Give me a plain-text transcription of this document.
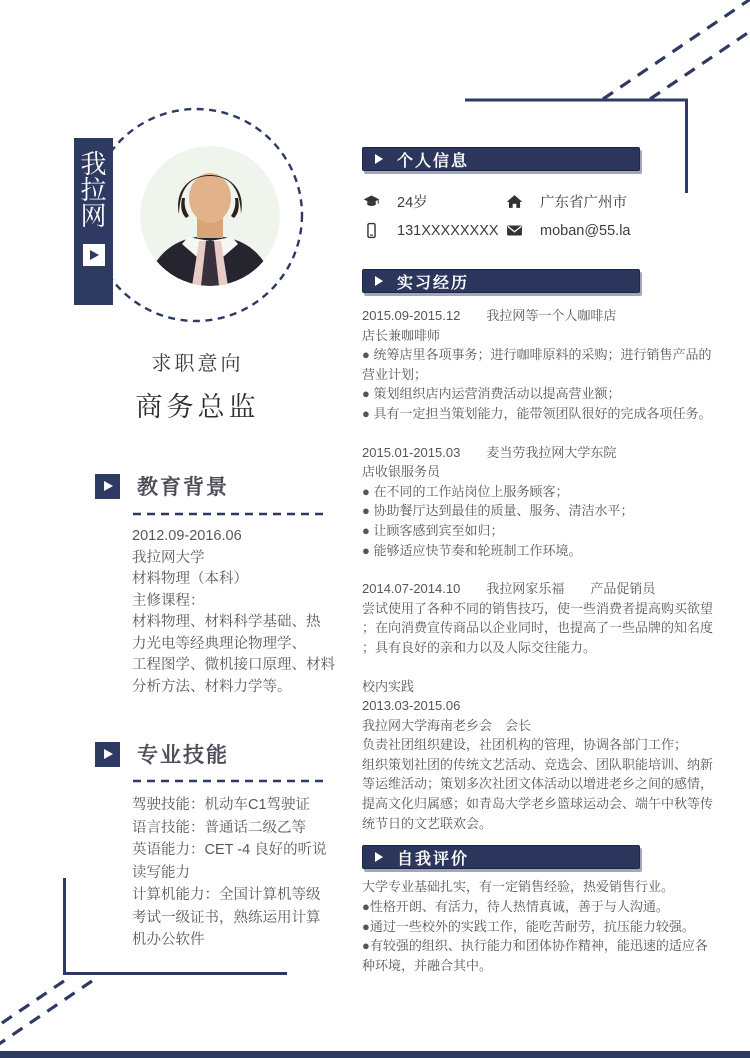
我
拉
网
求职意向
商务总监
教育背景
2012.09-2016.06
我拉网大学
材料物理（本科）
主修课程：
材料物理、材料科学基础、热
力光电等经典理论物理学、
工程图学、微机接口原理、材料
分析方法、材料力学等。
专业技能
驾驶技能：机动车C1驾驶证
语言技能：普通话二级乙等
英语能力：CET -4 良好的听说
读写能力
计算机能力：全国计算机等级
考试一级证书，熟练运用计算
机办公软件
个人信息
24岁	广东省广州市
131XXXXXXXX	moban@55.la
实习经历
2015.09-2015.12　　我拉网等一个人咖啡店
店长兼咖啡师
● 统筹店里各项事务；进行咖啡原料的采购；进行销售产品的
营业计划；
● 策划组织店内运营消费活动以提高营业额；
● 具有一定担当策划能力，能带领团队很好的完成各项任务。
2015.01-2015.03　　麦当劳我拉网大学东院
店收银服务员
● 在不同的工作站岗位上服务顾客；
● 协助餐厅达到最佳的质量、服务、清洁水平；
● 让顾客感到宾至如归；
● 能够适应快节奏和轮班制工作环境。
2014.07-2014.10　　我拉网家乐福　　产品促销员
尝试使用了各种不同的销售技巧，使一些消费者提高购买欲望
；在向消费宣传商品以企业同时，也提高了一些品牌的知名度
；具有良好的亲和力以及人际交往能力。
校内实践
2013.03-2015.06
我拉网大学海南老乡会　会长
负责社团组织建设，社团机构的管理，协调各部门工作；
组织策划社团的传统文艺活动、竞选会、团队职能培训、纳新
等运维活动；策划多次社团文体活动以增进老乡之间的感情，
提高文化归属感；如青岛大学老乡篮球运动会、端午中秋等传
统节日的文艺联欢会。
自我评价
大学专业基础扎实，有一定销售经验，热爱销售行业。
●性格开朗、有活力，待人热情真诚，善于与人沟通。
●通过一些校外的实践工作，能吃苦耐劳，抗压能力较强。
●有较强的组织、执行能力和团体协作精神，能迅速的适应各
种环境，并融合其中。
